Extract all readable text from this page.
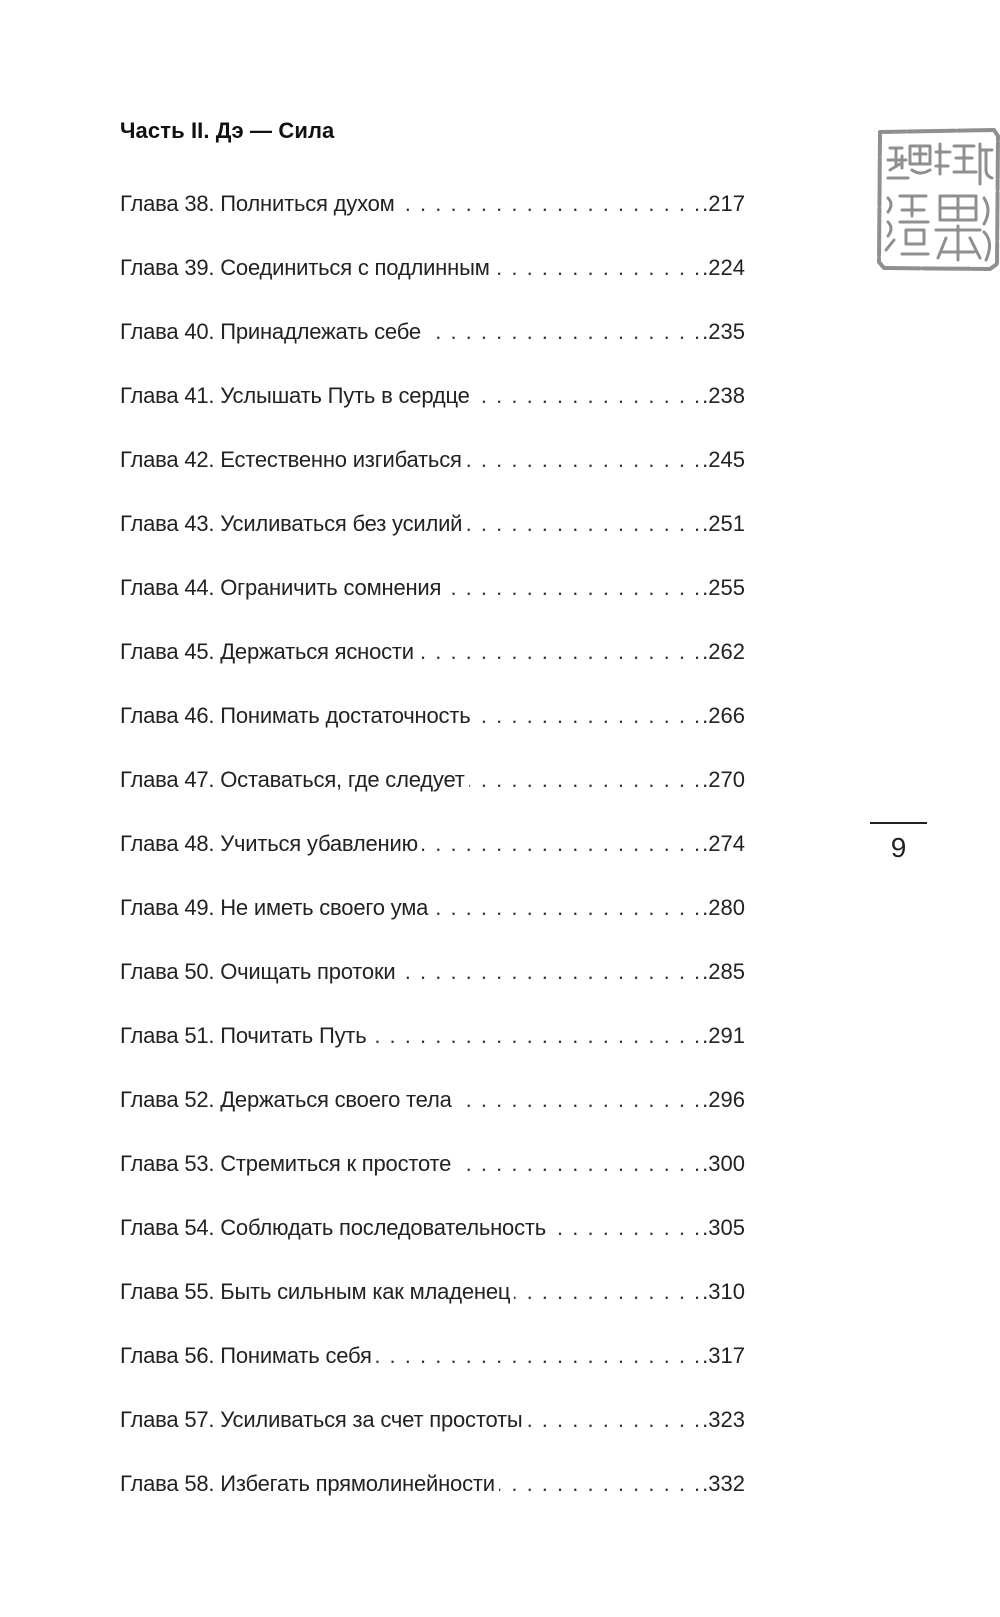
Часть II. Дэ — Сила
Глава 38. Полниться духом . . .	.217
Глава 39. Соединиться с подлинным . . .	.224
Глава 40. Принадлежать себе . . .	.235
Глава 41. Услышать Путь в сердце . . .	.238
Глава 42. Естественно изгибаться . . .	.245
Глава 43. Усиливаться без усилий . . .	.251
Глава 44. Ограничить сомнения . . .	.255
Глава 45. Держаться ясности . . .	.262
Глава 46. Понимать достаточность . . .	.266
Глава 47. Оставаться, где следует . . .	.270
Глава 48. Учиться убавлению . . .	.274
Глава 49. Не иметь своего ума . . .	.280
Глава 50. Очищать протоки . . .	.285
Глава 51. Почитать Путь . . .	.291
Глава 52. Держаться своего тела . . .	.296
Глава 53. Стремиться к простоте . . .	.300
Глава 54. Соблюдать последовательность . . .	.305
Глава 55. Быть сильным как младенец . . .	.310
Глава 56. Понимать себя . . .	.317
Глава 57. Усиливаться за счет простоты . . .	.323
Глава 58. Избегать прямолинейности . . .	.332
9
